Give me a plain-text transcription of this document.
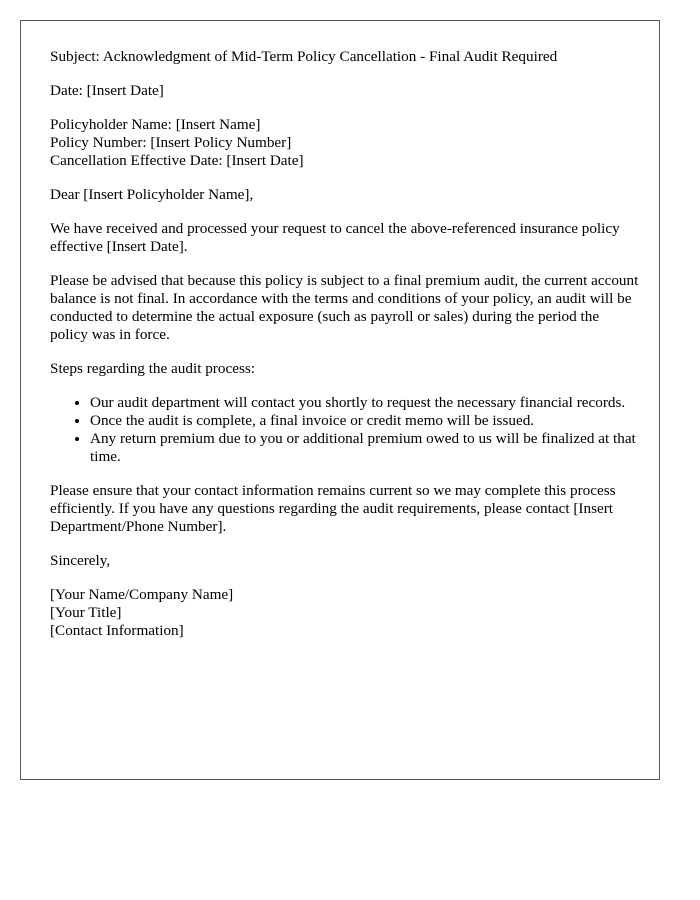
Subject: Acknowledgment of Mid-Term Policy Cancellation - Final Audit Required

Date: [Insert Date]

Policyholder Name: [Insert Name]
Policy Number: [Insert Policy Number]
Cancellation Effective Date: [Insert Date]

Dear [Insert Policyholder Name],

We have received and processed your request to cancel the above-referenced insurance policy effective [Insert Date].

Please be advised that because this policy is subject to a final premium audit, the current account balance is not final. In accordance with the terms and conditions of your policy, an audit will be conducted to determine the actual exposure (such as payroll or sales) during the period the policy was in force.

Steps regarding the audit process:

• Our audit department will contact you shortly to request the necessary financial records.
• Once the audit is complete, a final invoice or credit memo will be issued.
• Any return premium due to you or additional premium owed to us will be finalized at that time.

Please ensure that your contact information remains current so we may complete this process efficiently. If you have any questions regarding the audit requirements, please contact [Insert Department/Phone Number].

Sincerely,

[Your Name/Company Name]
[Your Title]
[Contact Information]
